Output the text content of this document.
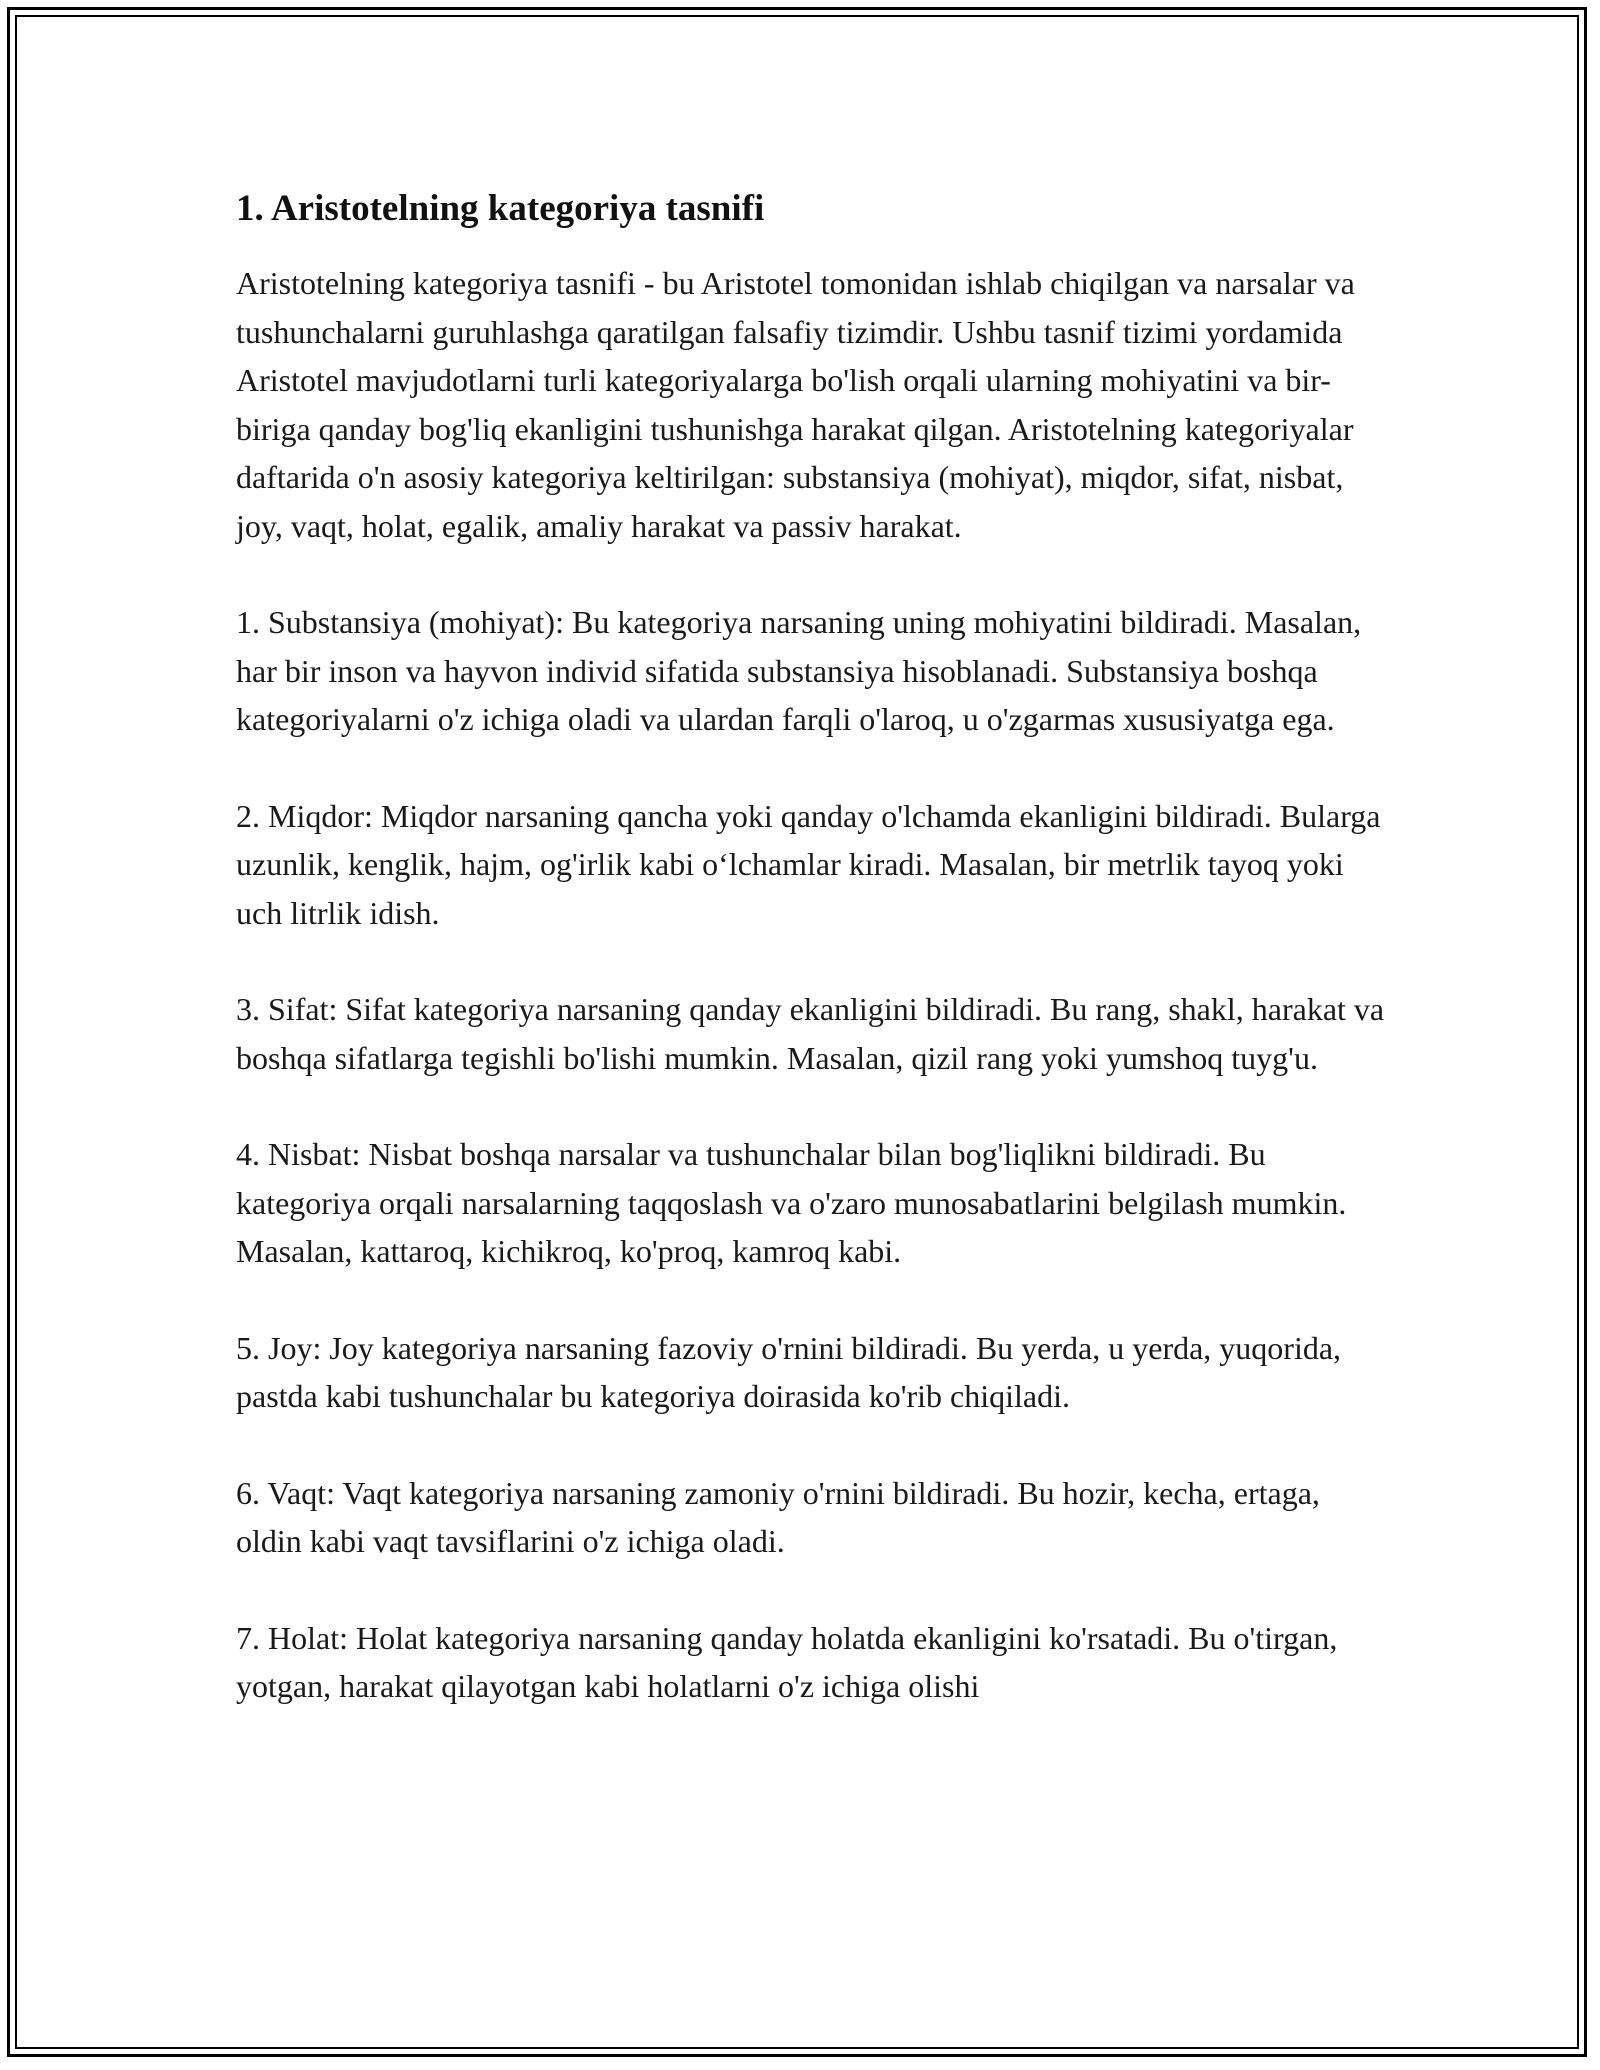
1. Aristotelning kategoriya tasnifi

Aristotelning kategoriya tasnifi - bu Aristotel tomonidan ishlab chiqilgan va narsalar va tushunchalarni guruhlashga qaratilgan falsafiy tizimdir. Ushbu tasnif tizimi yordamida Aristotel mavjudotlarni turli kategoriyalarga bo'lish orqali ularning mohiyatini va bir-biriga qanday bog'liq ekanligini tushunishga harakat qilgan. Aristotelning kategoriyalar daftarida o'n asosiy kategoriya keltirilgan: substansiya (mohiyat), miqdor, sifat, nisbat, joy, vaqt, holat, egalik, amaliy harakat va passiv harakat.

1. Substansiya (mohiyat): Bu kategoriya narsaning uning mohiyatini bildiradi. Masalan, har bir inson va hayvon individ sifatida substansiya hisoblanadi. Substansiya boshqa kategoriyalarni o'z ichiga oladi va ulardan farqli o'laroq, u o'zgarmas xususiyatga ega.

2. Miqdor: Miqdor narsaning qancha yoki qanday o'lchamda ekanligini bildiradi. Bularga uzunlik, kenglik, hajm, og'irlik kabi o‘lchamlar kiradi. Masalan, bir metrlik tayoq yoki uch litrlik idish.

3. Sifat: Sifat kategoriya narsaning qanday ekanligini bildiradi. Bu rang, shakl, harakat va boshqa sifatlarga tegishli bo'lishi mumkin. Masalan, qizil rang yoki yumshoq tuyg'u.

4. Nisbat: Nisbat boshqa narsalar va tushunchalar bilan bog'liqlikni bildiradi. Bu kategoriya orqali narsalarning taqqoslash va o'zaro munosabatlarini belgilash mumkin. Masalan, kattaroq, kichikroq, ko'proq, kamroq kabi.

5. Joy: Joy kategoriya narsaning fazoviy o'rnini bildiradi. Bu yerda, u yerda, yuqorida, pastda kabi tushunchalar bu kategoriya doirasida ko'rib chiqiladi.

6. Vaqt: Vaqt kategoriya narsaning zamoniy o'rnini bildiradi. Bu hozir, kecha, ertaga, oldin kabi vaqt tavsiflarini o'z ichiga oladi.

7. Holat: Holat kategoriya narsaning qanday holatda ekanligini ko'rsatadi. Bu o'tirgan, yotgan, harakat qilayotgan kabi holatlarni o'z ichiga olishi
